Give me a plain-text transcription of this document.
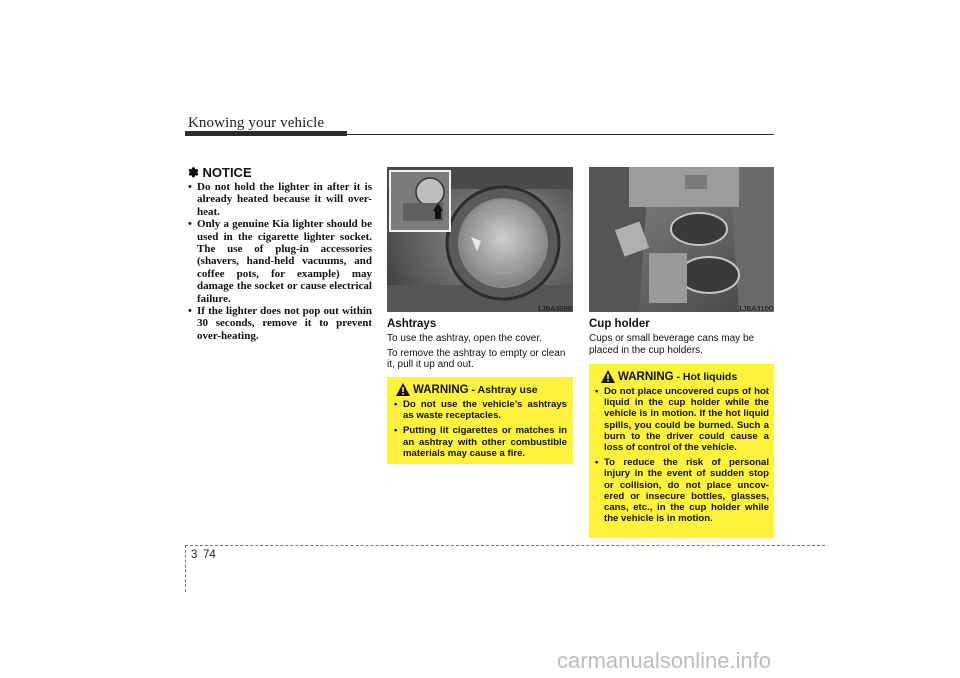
Knowing your vehicle
✽ NOTICE
• Do not hold the lighter in after it is already heated because it will over-heat.
• Only a genuine Kia lighter should be used in the cigarette lighter socket. The use of plug-in accessories (shavers, hand-held vacuums, and coffee pots, for example) may damage the socket or cause electrical failure.
• If the lighter does not pop out within 30 seconds, remove it to prevent over-heating.
1JBA3098
Ashtrays

To use the ashtray, open the cover.

To remove the ashtray to empty or clean it, pull it up and out.

WARNING - Ashtray use
• Do not use the vehicle’s ashtrays as waste receptacles.
• Putting lit cigarettes or matches in an ashtray with other combustible materials may cause a fire.
1JBA3100
Cup holder

Cups or small beverage cans may be placed in the cup holders.

WARNING - Hot liquids
• Do not place uncovered cups of hot liquid in the cup holder while the vehicle is in motion. If the hot liquid spills, you could be burned. Such a burn to the driver could cause a loss of control of the vehicle.
• To reduce the risk of personal injury in the event of sudden stop or collision, do not place uncov-ered or insecure bottles, glasses, cans, etc., in the cup holder while the vehicle is in motion.
3 74
carmanualsonline.info
